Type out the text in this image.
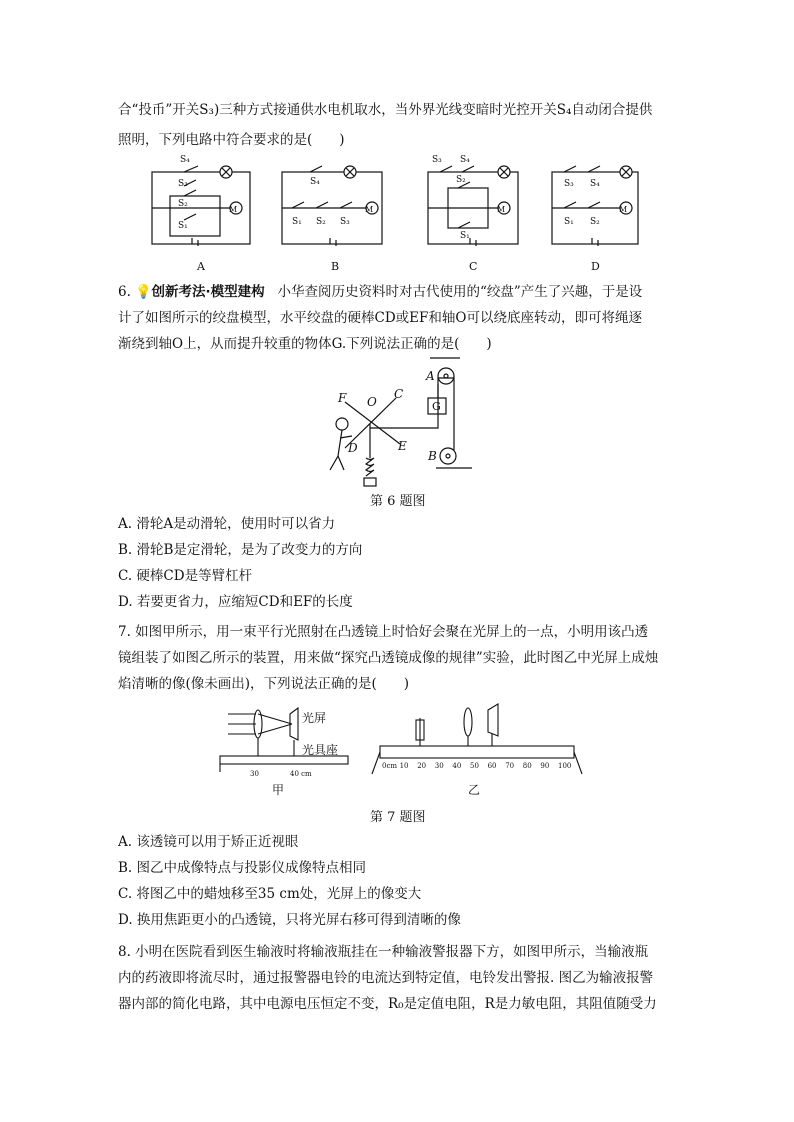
合“投币”开关S₃)三种方式接通供水电机取水，当外界光线变暗时光控开关S₄自动闭合提供
照明，下列电路中符合要求的是(　　)
M	M	M	M
S₄
S₃
S₂
S₁
S₄
S₁ S₂ S₃
S₃ S₄
S₂
S₁
S₃ S₄
S₁ S₂
A	B	C	D
6. 💡 创新考法·模型建构 小华查阅历史资料时对古代使用的“绞盘”产生了兴趣，于是设
计了如图所示的绞盘模型，水平绞盘的硬棒CD或EF和轴O可以绕底座转动，即可将绳逐
渐绕到轴O上，从而提升较重的物体G.下列说法正确的是(　　)
F O
C
D	E
A
G
B
第 6 题图
A. 滑轮A是动滑轮，使用时可以省力
B. 滑轮B是定滑轮，是为了改变力的方向
C. 硬棒CD是等臂杠杆
D. 若要更省力，应缩短CD和EF的长度
7. 如图甲所示，用一束平行光照射在凸透镜上时恰好会聚在光屏上的一点，小明用该凸透
镜组装了如图乙所示的装置，用来做“探究凸透镜成像的规律”实验，此时图乙中光屏上成烛
焰清晰的像(像未画出)，下列说法正确的是(　　)
光屏
光具座
30	40 cm
甲	乙
0cm 10 20 30 40 50 60 70 80 90 100
第 7 题图
A. 该透镜可以用于矫正近视眼
B. 图乙中成像特点与投影仪成像特点相同
C. 将图乙中的蜡烛移至35 cm处，光屏上的像变大
D. 换用焦距更小的凸透镜，只将光屏右移可得到清晰的像
8. 小明在医院看到医生输液时将输液瓶挂在一种输液警报器下方，如图甲所示，当输液瓶
内的药液即将流尽时，通过报警器电铃的电流达到特定值，电铃发出警报. 图乙为输液报警
器内部的简化电路，其中电源电压恒定不变，R₀是定值电阻，R是力敏电阻，其阻值随受力
